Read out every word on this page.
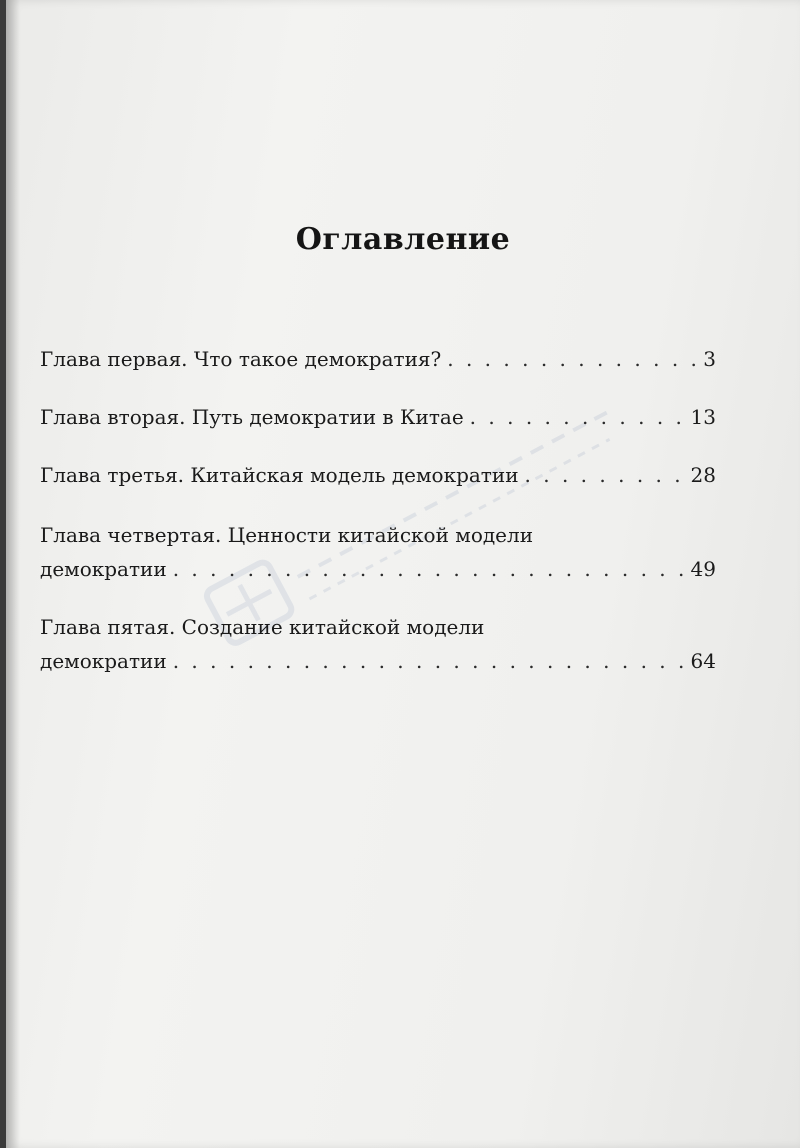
Оглавление
Глава первая. Что такое демократия? . . .	3
Глава вторая. Путь демократии в Китае . . .	13
Глава третья. Китайская модель демократии . . .	28
Глава четвертая. Ценности китайской модели
демократии . . .	49
Глава пятая. Создание китайской модели
демократии . . .	64
